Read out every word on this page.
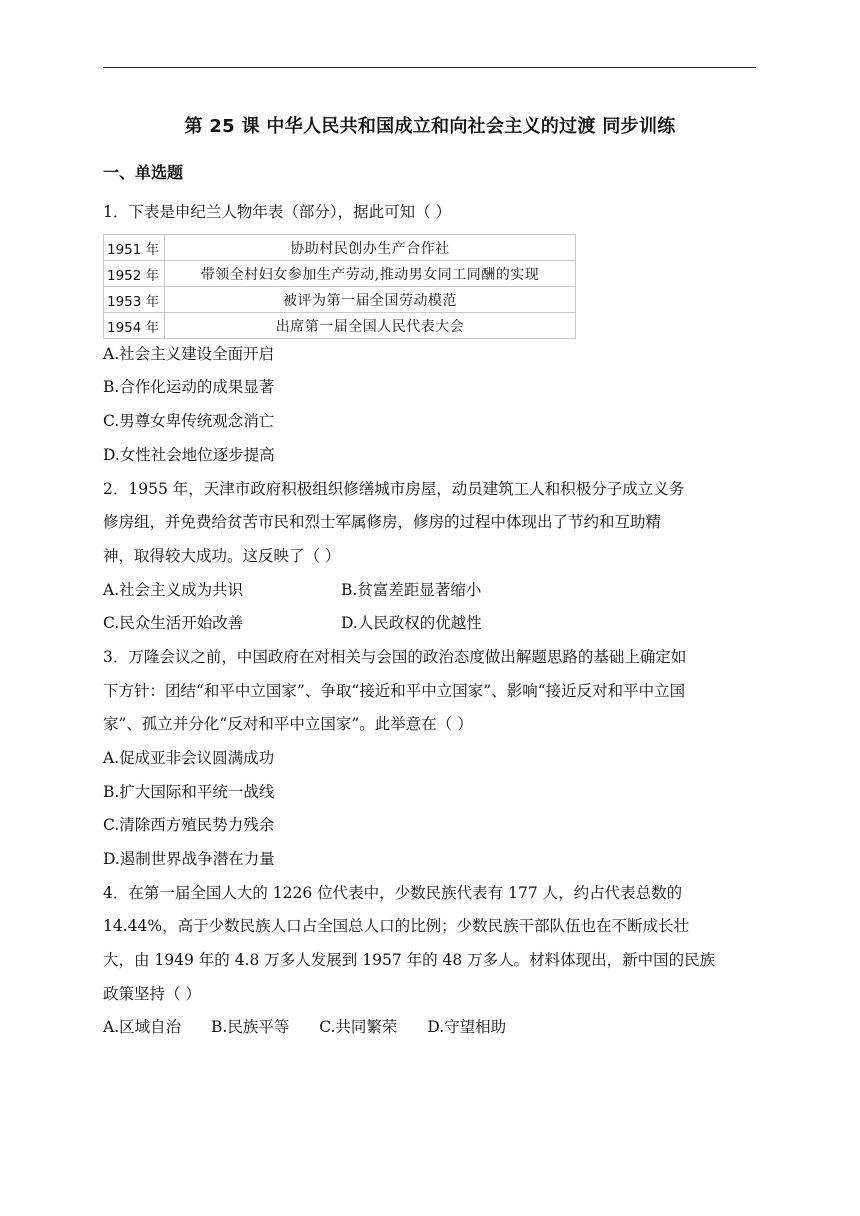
第 25 课 中华人民共和国成立和向社会主义的过渡 同步训练
一、单选题
1．下表是申纪兰人物年表（部分），据此可知（ ）
1951 年	协助村民创办生产合作社
1952 年	带领全村妇女参加生产劳动,推动男女同工同酬的实现
1953 年	被评为第一届全国劳动模范
1954 年	出席第一届全国人民代表大会
A.社会主义建设全面开启
B.合作化运动的成果显著
C.男尊女卑传统观念消亡
D.女性社会地位逐步提高
2．1955 年，天津市政府积极组织修缮城市房屋，动员建筑工人和积极分子成立义务
修房组，并免费给贫苦市民和烈士军属修房，修房的过程中体现出了节约和互助精
神，取得较大成功。这反映了（ ）
A.社会主义成为共识	B.贫富差距显著缩小
C.民众生活开始改善	D.人民政权的优越性
3．万隆会议之前，中国政府在对相关与会国的政治态度做出解题思路的基础上确定如
下方针：团结“和平中立国家”、争取“接近和平中立国家”、影响“接近反对和平中立国
家”、孤立并分化“反对和平中立国家”。此举意在（ ）
A.促成亚非会议圆满成功
B.扩大国际和平统一战线
C.清除西方殖民势力残余
D.遏制世界战争潜在力量
4．在第一届全国人大的 1226 位代表中，少数民族代表有 177 人，约占代表总数的
14.44%，高于少数民族人口占全国总人口的比例；少数民族干部队伍也在不断成长壮
大，由 1949 年的 4.8 万多人发展到 1957 年的 48 万多人。材料体现出，新中国的民族
政策坚持（ ）
A.区域自治 B.民族平等 C.共同繁荣 D.守望相助
